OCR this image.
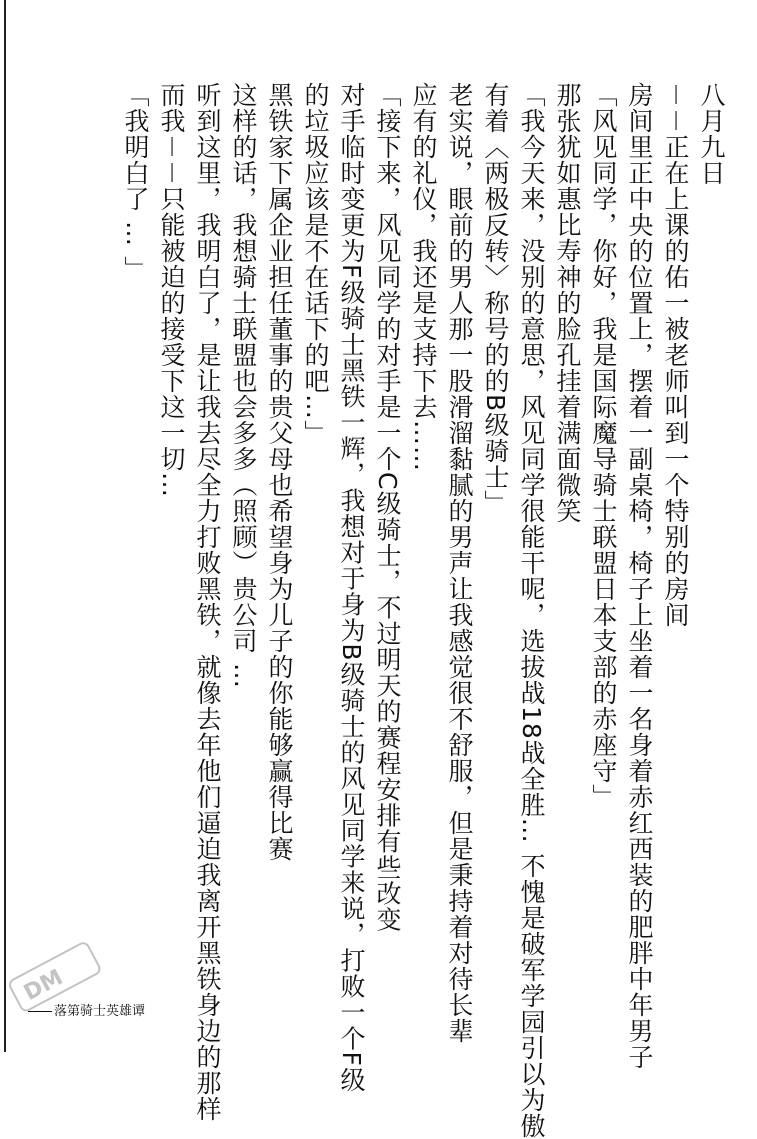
八月九日

－－正在上课的佑一被老师叫到一个特别的房间

房间里正中央的位置上，摆着一副桌椅，椅子上坐着一名身着赤红西装的肥胖中年男子

「风见同学，你好，我是国际魔导骑士联盟日本支部的赤座守」

那张犹如惠比寿神的脸孔挂着满面微笑

「我今天来，没别的意思，风见同学很能干呢，选拔战18战全胜… 不愧是破军学园引以为傲

有着〈两极反转〉称号的的B级骑士」

老实说，眼前的男人那一股滑溜黏腻的男声让我感觉很不舒服，但是秉持着对待长辈

应有的礼仪，我还是支持下去……

「接下来，风见同学的对手是一个C级骑士，不过明天的赛程安排有些改变

对手临时变更为F级骑士黑铁一辉，我想对于身为B级骑士的风见同学来说，打败一个F级

的垃圾应该是不在话下的吧…」

黑铁家下属企业担任董事的贵父母也希望身为儿子的你能够赢得比赛

这样的话，我想骑士联盟也会多多（照顾）贵公司 …

听到这里，我明白了，是让我去尽全力打败黑铁，就像去年他们逼迫我离开黑铁身边的那样

而我－－只能被迫的接受下这一切…

「我明白了 … 」

DM
落第骑士英雄谭
